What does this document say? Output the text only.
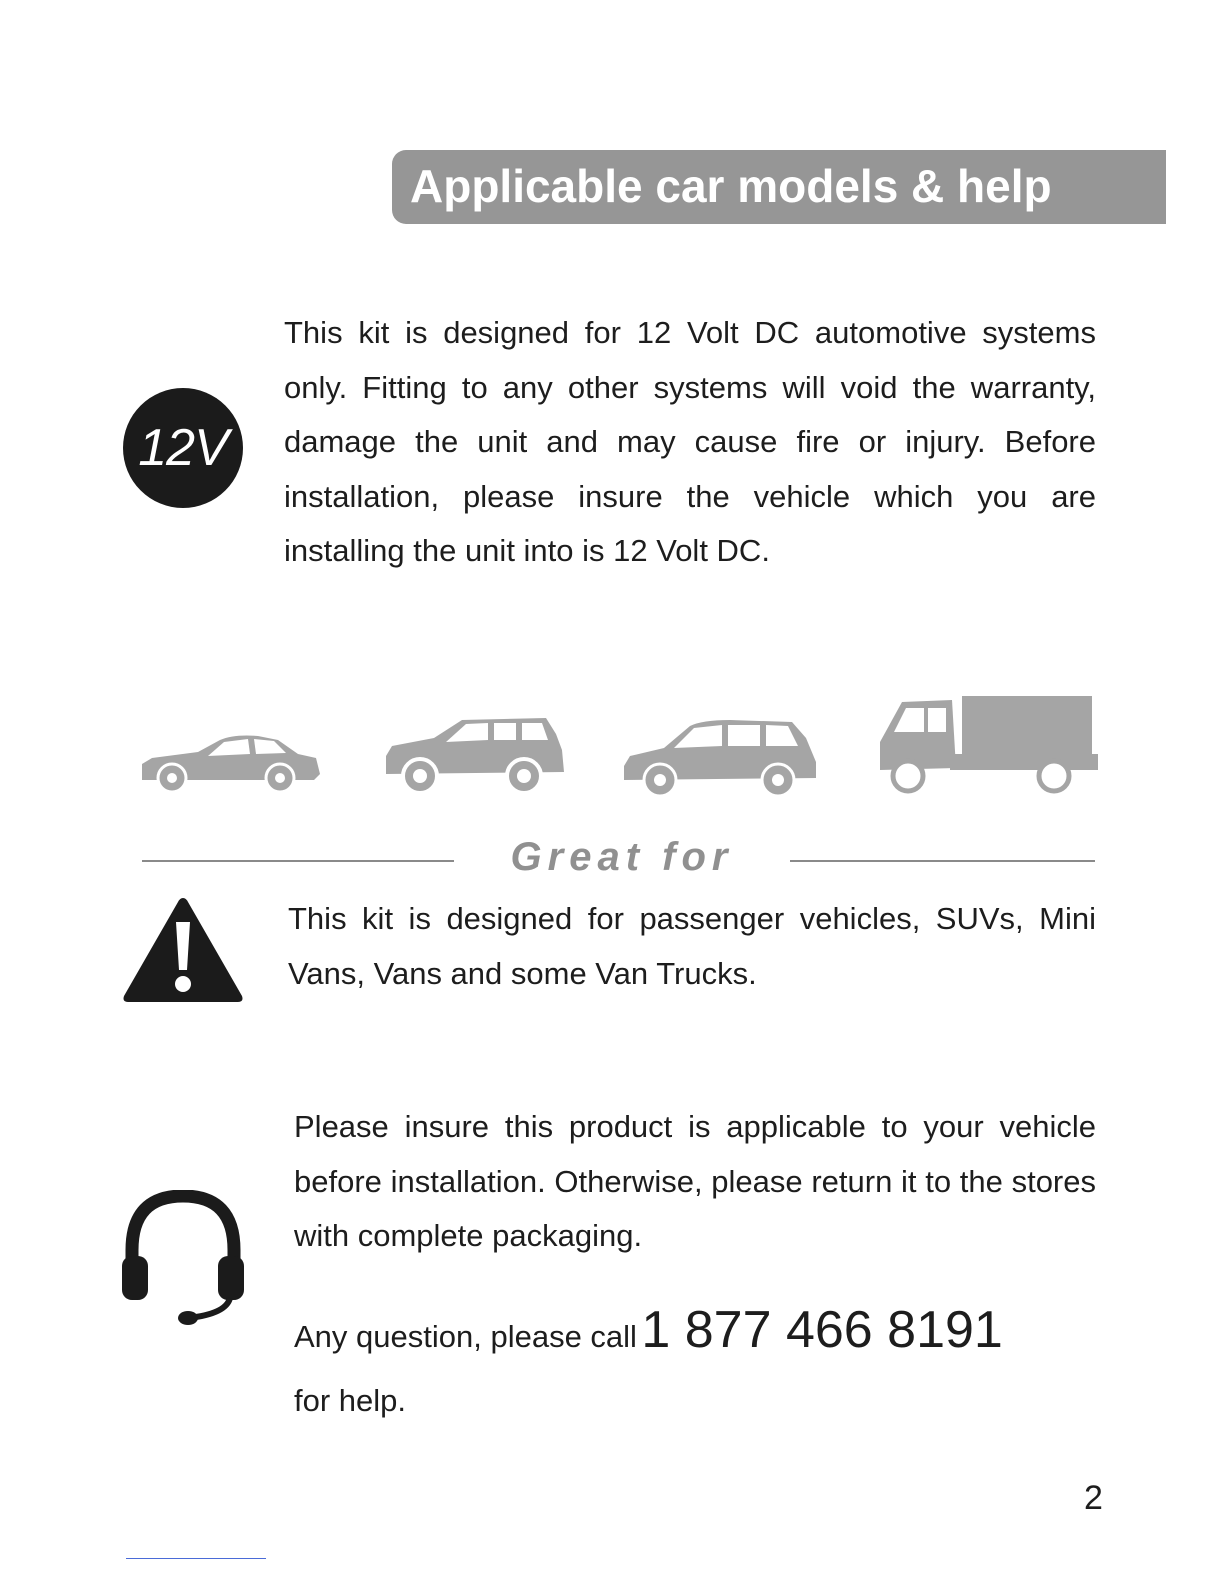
Applicable car models & help
12V

This kit is designed for 12 Volt DC automotive systems only. Fitting to any other systems will void the warranty, damage the unit and may cause fire or injury. Before installation, please insure the vehicle which you are installing the unit into is 12 Volt DC.

Great for

This kit is designed for passenger vehicles, SUVs, Mini Vans, Vans and some Van Trucks.

Please insure this product is applicable to your vehicle before installation. Otherwise, please return it to the stores with complete packaging.

Any question, please call 1 877 466 8191
for help.
2
